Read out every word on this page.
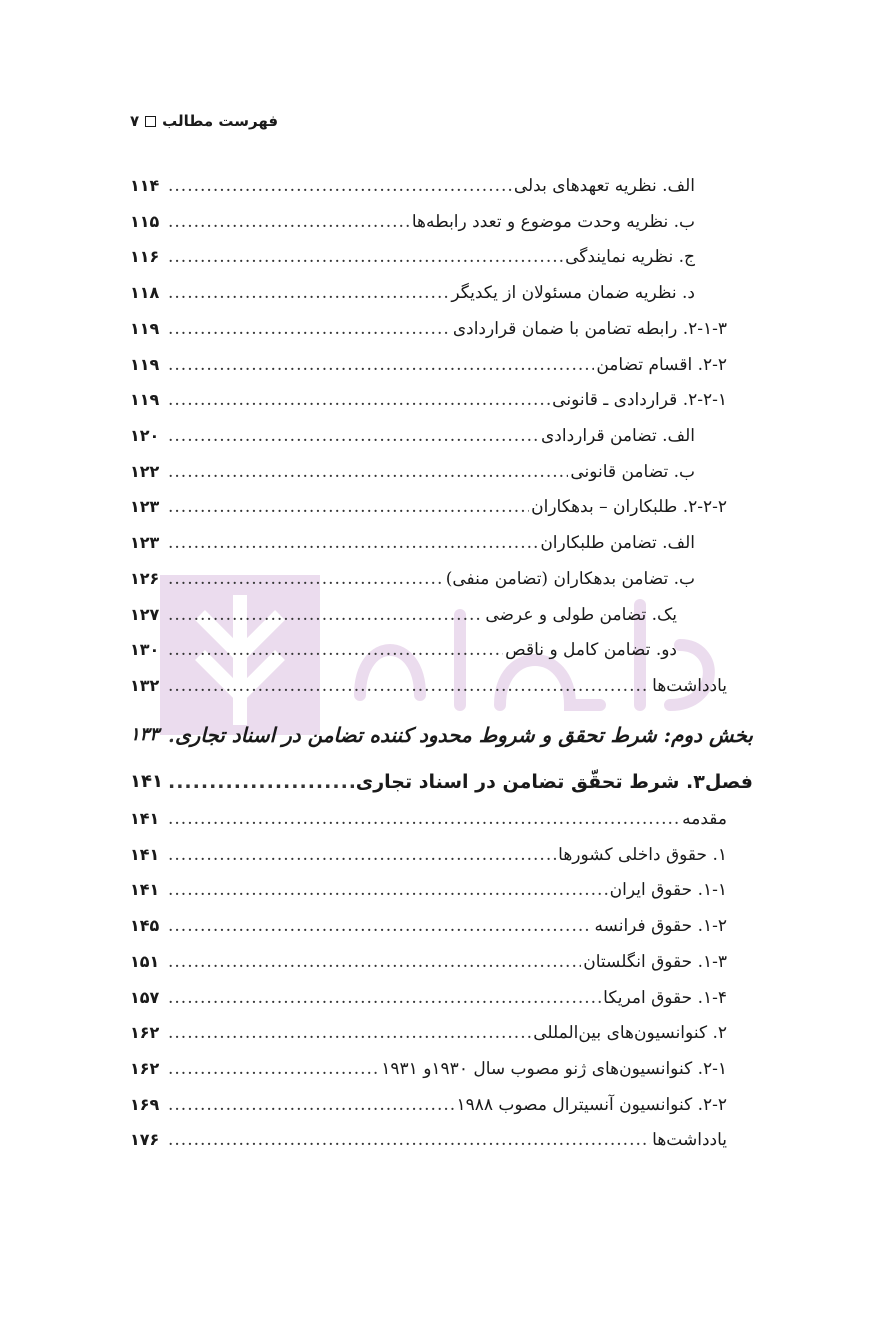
فهرست مطالب
۷
الف. نظریه تعهدهای بدلی
.....
۱۱۴
ب. نظریه وحدت موضوع و تعدد رابطه‌ها
.....
۱۱۵
ج. نظریه نمایندگی
.....
۱۱۶
د. نظریه ضمان مسئولان از یکدیگر
.....
۱۱۸
۲-۱-۳. رابطه تضامن با ضمان قراردادی
.....
۱۱۹
۲-۲. اقسام تضامن
.....
۱۱۹
۲-۲-۱. قراردادی ـ قانونی
.....
۱۱۹
الف. تضامن قراردادی
.....
۱۲۰
ب. تضامن قانونی
.....
۱۲۲
۲-۲-۲. طلبکاران – بدهکاران
.....
۱۲۳
الف. تضامن طلبکاران
.....
۱۲۳
ب. تضامن بدهکاران (تضامن منفی)
.....
۱۲۶
یک. تضامن طولی و عرضی
.....
۱۲۷
دو. تضامن کامل و ناقص
.....
۱۳۰
یادداشت‌ها
.....
۱۳۲
بخش دوم: شرط تحقق و شروط محدود کننده تضامن در اسناد تجاری
.....
۱۳۳
فصل۳. شرط تحقّق تضامن در اسناد تجاری
.....
۱۴۱
مقدمه
.....
۱۴۱
۱. حقوق داخلی کشورها
.....
۱۴۱
۱-۱. حقوق ایران
.....
۱۴۱
۱-۲. حقوق فرانسه
.....
۱۴۵
۱-۳. حقوق انگلستان
.....
۱۵۱
۱-۴. حقوق امریکا
.....
۱۵۷
۲. کنوانسیون‌های بین‌المللی
.....
۱۶۲
۲-۱. کنوانسیون‌های ژنو مصوب سال ۱۹۳۰و ۱۹۳۱
.....
۱۶۲
۲-۲. کنوانسیون آنسیترال مصوب ۱۹۸۸
.....
۱۶۹
یادداشت‌ها
.....
۱۷۶
